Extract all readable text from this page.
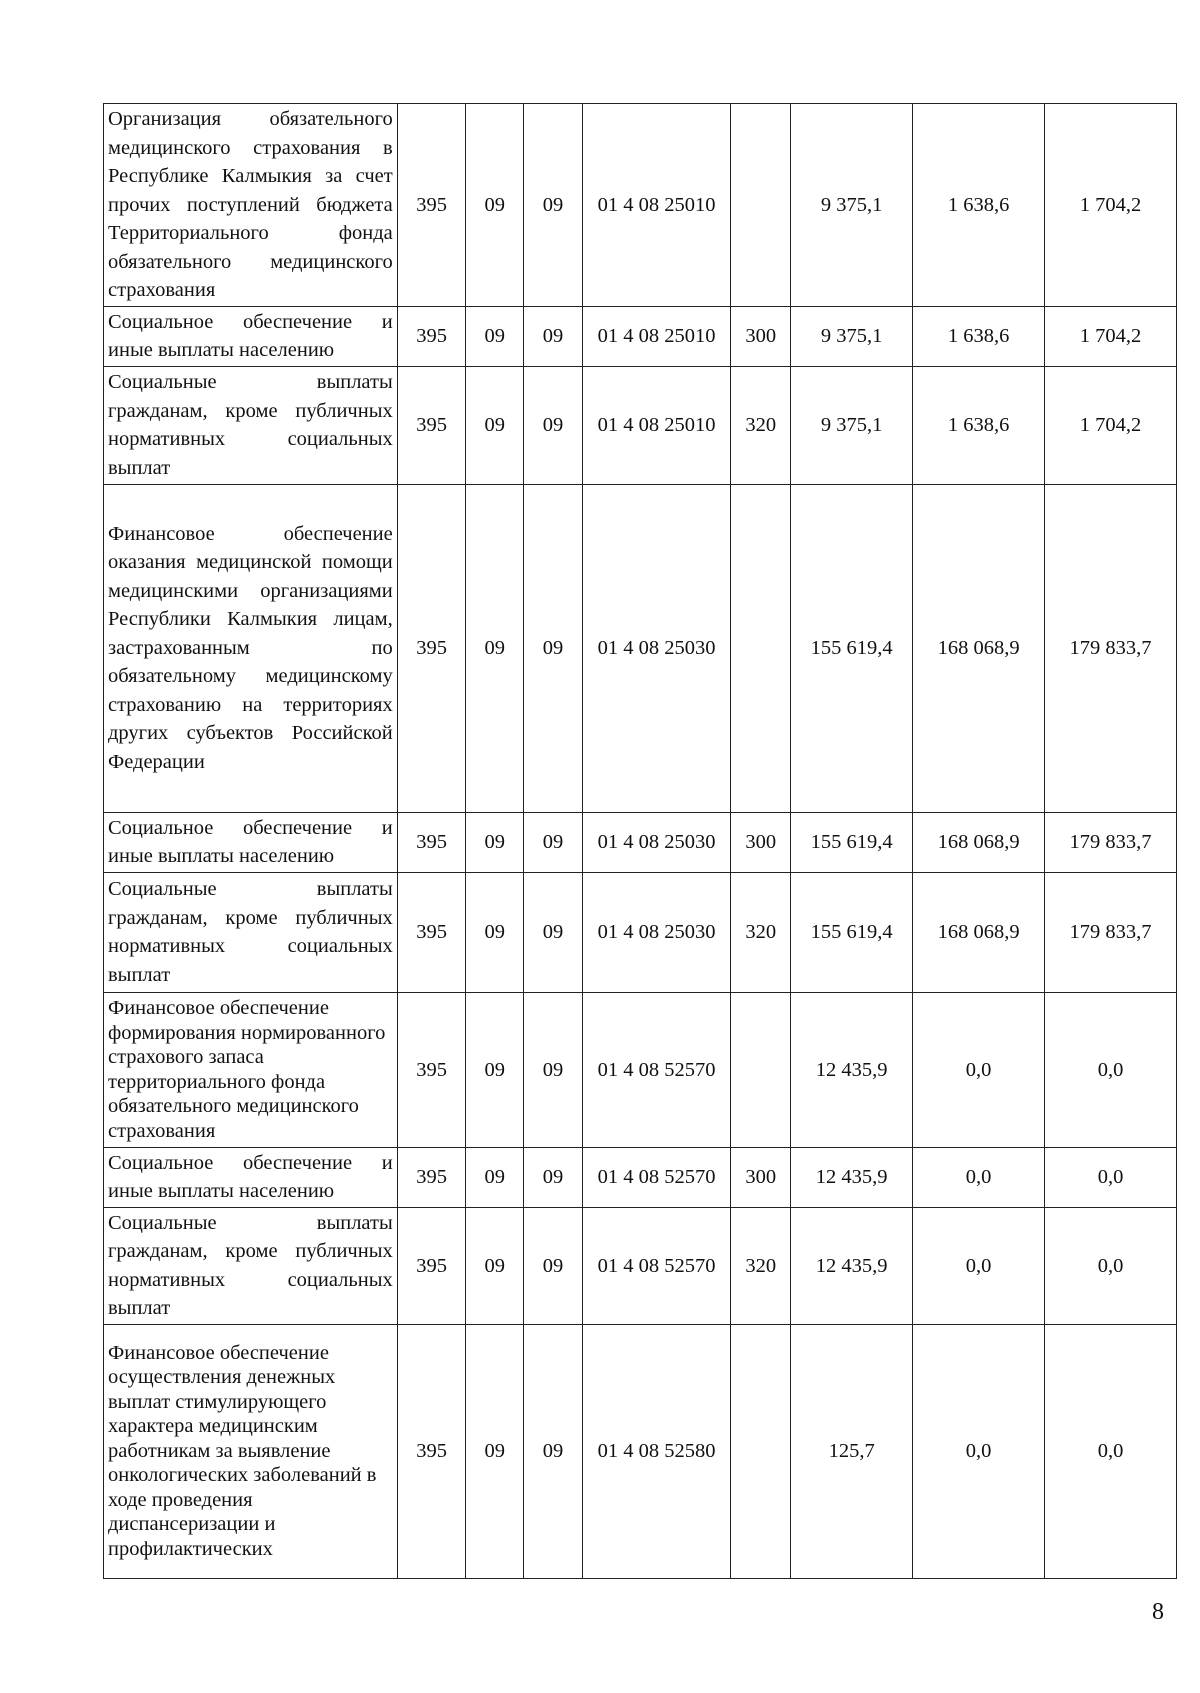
Организация обязательного медицинского страхования в Республике Калмыкия за счет прочих поступлений бюджета Территориального фонда обязательного медицинского страхования	395	09	09	01 4 08 25010		9 375,1	1 638,6	1 704,2
Социальное обеспечение и иные выплаты населению	395	09	09	01 4 08 25010	300	9 375,1	1 638,6	1 704,2
Социальные выплаты гражданам, кроме публичных нормативных социальных выплат	395	09	09	01 4 08 25010	320	9 375,1	1 638,6	1 704,2
Финансовое обеспечение оказания медицинской помощи медицинскими организациями Республики Калмыкия лицам, застрахованным по обязательному медицинскому страхованию на территориях других субъектов Российской Федерации	395	09	09	01 4 08 25030		155 619,4	168 068,9	179 833,7
Социальное обеспечение и иные выплаты населению	395	09	09	01 4 08 25030	300	155 619,4	168 068,9	179 833,7
Социальные выплаты гражданам, кроме публичных нормативных социальных выплат	395	09	09	01 4 08 25030	320	155 619,4	168 068,9	179 833,7
Финансовое обеспечение формирования нормированного страхового запаса территориального фонда обязательного медицинского страхования	395	09	09	01 4 08 52570		12 435,9	0,0	0,0
Социальное обеспечение и иные выплаты населению	395	09	09	01 4 08 52570	300	12 435,9	0,0	0,0
Социальные выплаты гражданам, кроме публичных нормативных социальных выплат	395	09	09	01 4 08 52570	320	12 435,9	0,0	0,0
Финансовое обеспечение осуществления денежных выплат стимулирующего характера медицинским работникам за выявление онкологических заболеваний в ходе проведения диспансеризации и профилактических	395	09	09	01 4 08 52580		125,7	0,0	0,0
8
